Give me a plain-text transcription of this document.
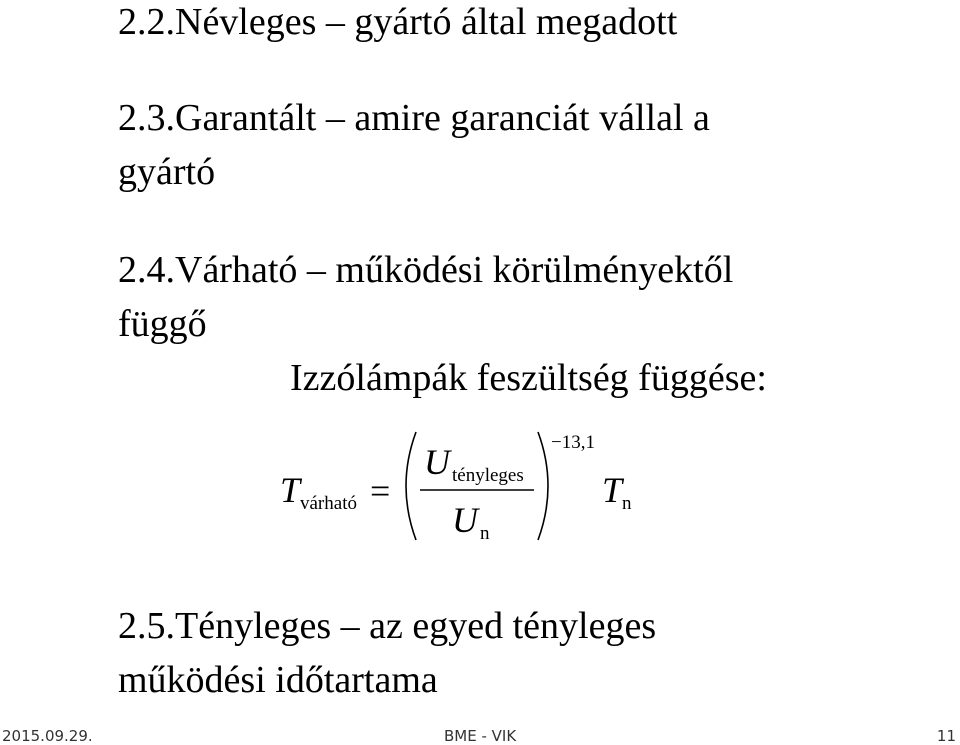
2.2.Névleges – gyártó által megadott
2.3.Garantált – amire garanciát vállal a
gyártó
2.4.Várható – működési körülményektől
függő
Izzólámpák feszültség függése:
T várható =
U tényleges
U n
−13,1
T n
2.5.Tényleges – az egyed tényleges
működési időtartama
2015.09.29.	BME - VIK	11
